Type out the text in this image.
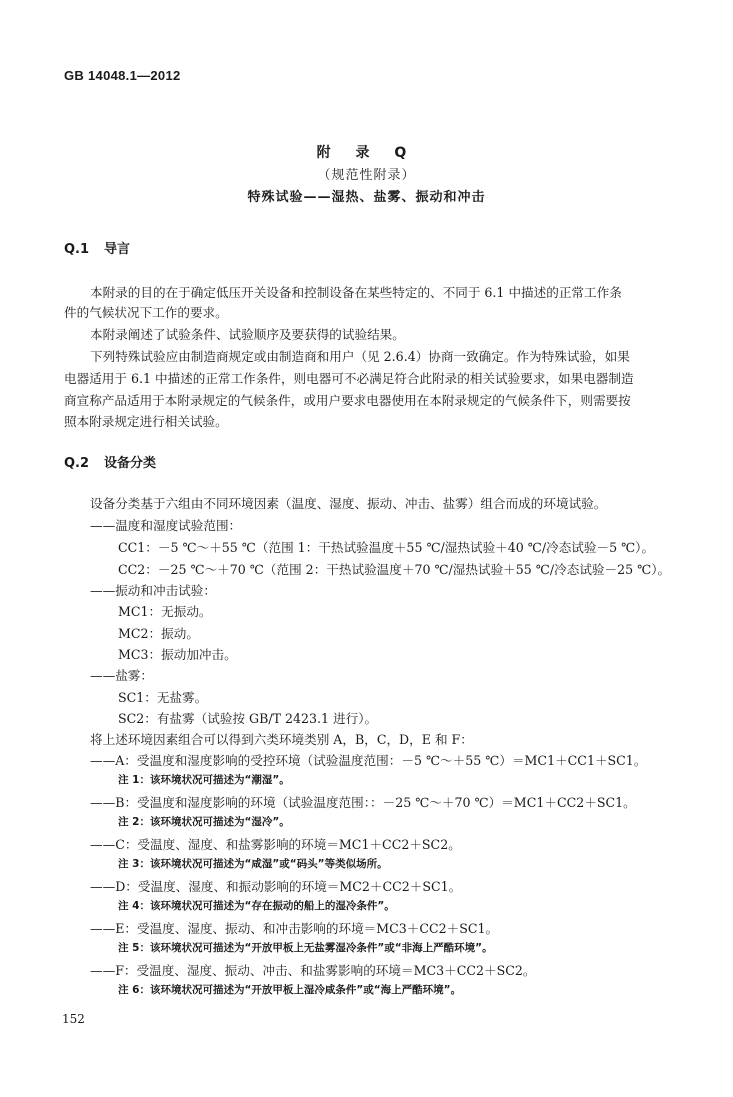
GB 14048.1—2012
附 录 Q
（规范性附录）
特殊试验——湿热、盐雾、振动和冲击
Q.1 导言
本附录的目的在于确定低压开关设备和控制设备在某些特定的、不同于 6.1 中描述的正常工作条
件的气候状况下工作的要求。
本附录阐述了试验条件、试验顺序及要获得的试验结果。
下列特殊试验应由制造商规定或由制造商和用户（见 2.6.4）协商一致确定。作为特殊试验，如果
电器适用于 6.1 中描述的正常工作条件，则电器可不必满足符合此附录的相关试验要求，如果电器制造
商宣称产品适用于本附录规定的气候条件，或用户要求电器使用在本附录规定的气候条件下，则需要按
照本附录规定进行相关试验。
Q.2 设备分类
设备分类基于六组由不同环境因素（温度、湿度、振动、冲击、盐雾）组合而成的环境试验。
——温度和湿度试验范围：
CC1：－5 ℃～＋55 ℃（范围 1：干热试验温度＋55 ℃/湿热试验＋40 ℃/冷态试验－5 ℃）。
CC2：－25 ℃～＋70 ℃（范围 2：干热试验温度＋70 ℃/湿热试验＋55 ℃/冷态试验－25 ℃）。
——振动和冲击试验：
MC1：无振动。
MC2：振动。
MC3：振动加冲击。
——盐雾：
SC1：无盐雾。
SC2：有盐雾（试验按 GB/T 2423.1 进行）。
将上述环境因素组合可以得到六类环境类别 A，B，C，D，E 和 F：
——A：受温度和湿度影响的受控环境（试验温度范围：－5 ℃～＋55 ℃）＝MC1＋CC1＋SC1。
注 1：该环境状况可描述为“潮湿”。
——B：受温度和湿度影响的环境（试验温度范围：：－25 ℃～＋70 ℃）＝MC1＋CC2＋SC1。
注 2：该环境状况可描述为“湿冷”。
——C：受温度、湿度、和盐雾影响的环境＝MC1＋CC2＋SC2。
注 3：该环境状况可描述为“咸湿”或“码头”等类似场所。
——D：受温度、湿度、和振动影响的环境＝MC2＋CC2＋SC1。
注 4：该环境状况可描述为“存在振动的船上的湿冷条件”。
——E：受温度、湿度、振动、和冲击影响的环境＝MC3＋CC2＋SC1。
注 5：该环境状况可描述为“开放甲板上无盐雾湿冷条件”或“非海上严酷环境”。
——F：受温度、湿度、振动、冲击、和盐雾影响的环境＝MC3＋CC2＋SC2。
注 6：该环境状况可描述为“开放甲板上湿冷咸条件”或“海上严酷环境”。
152
